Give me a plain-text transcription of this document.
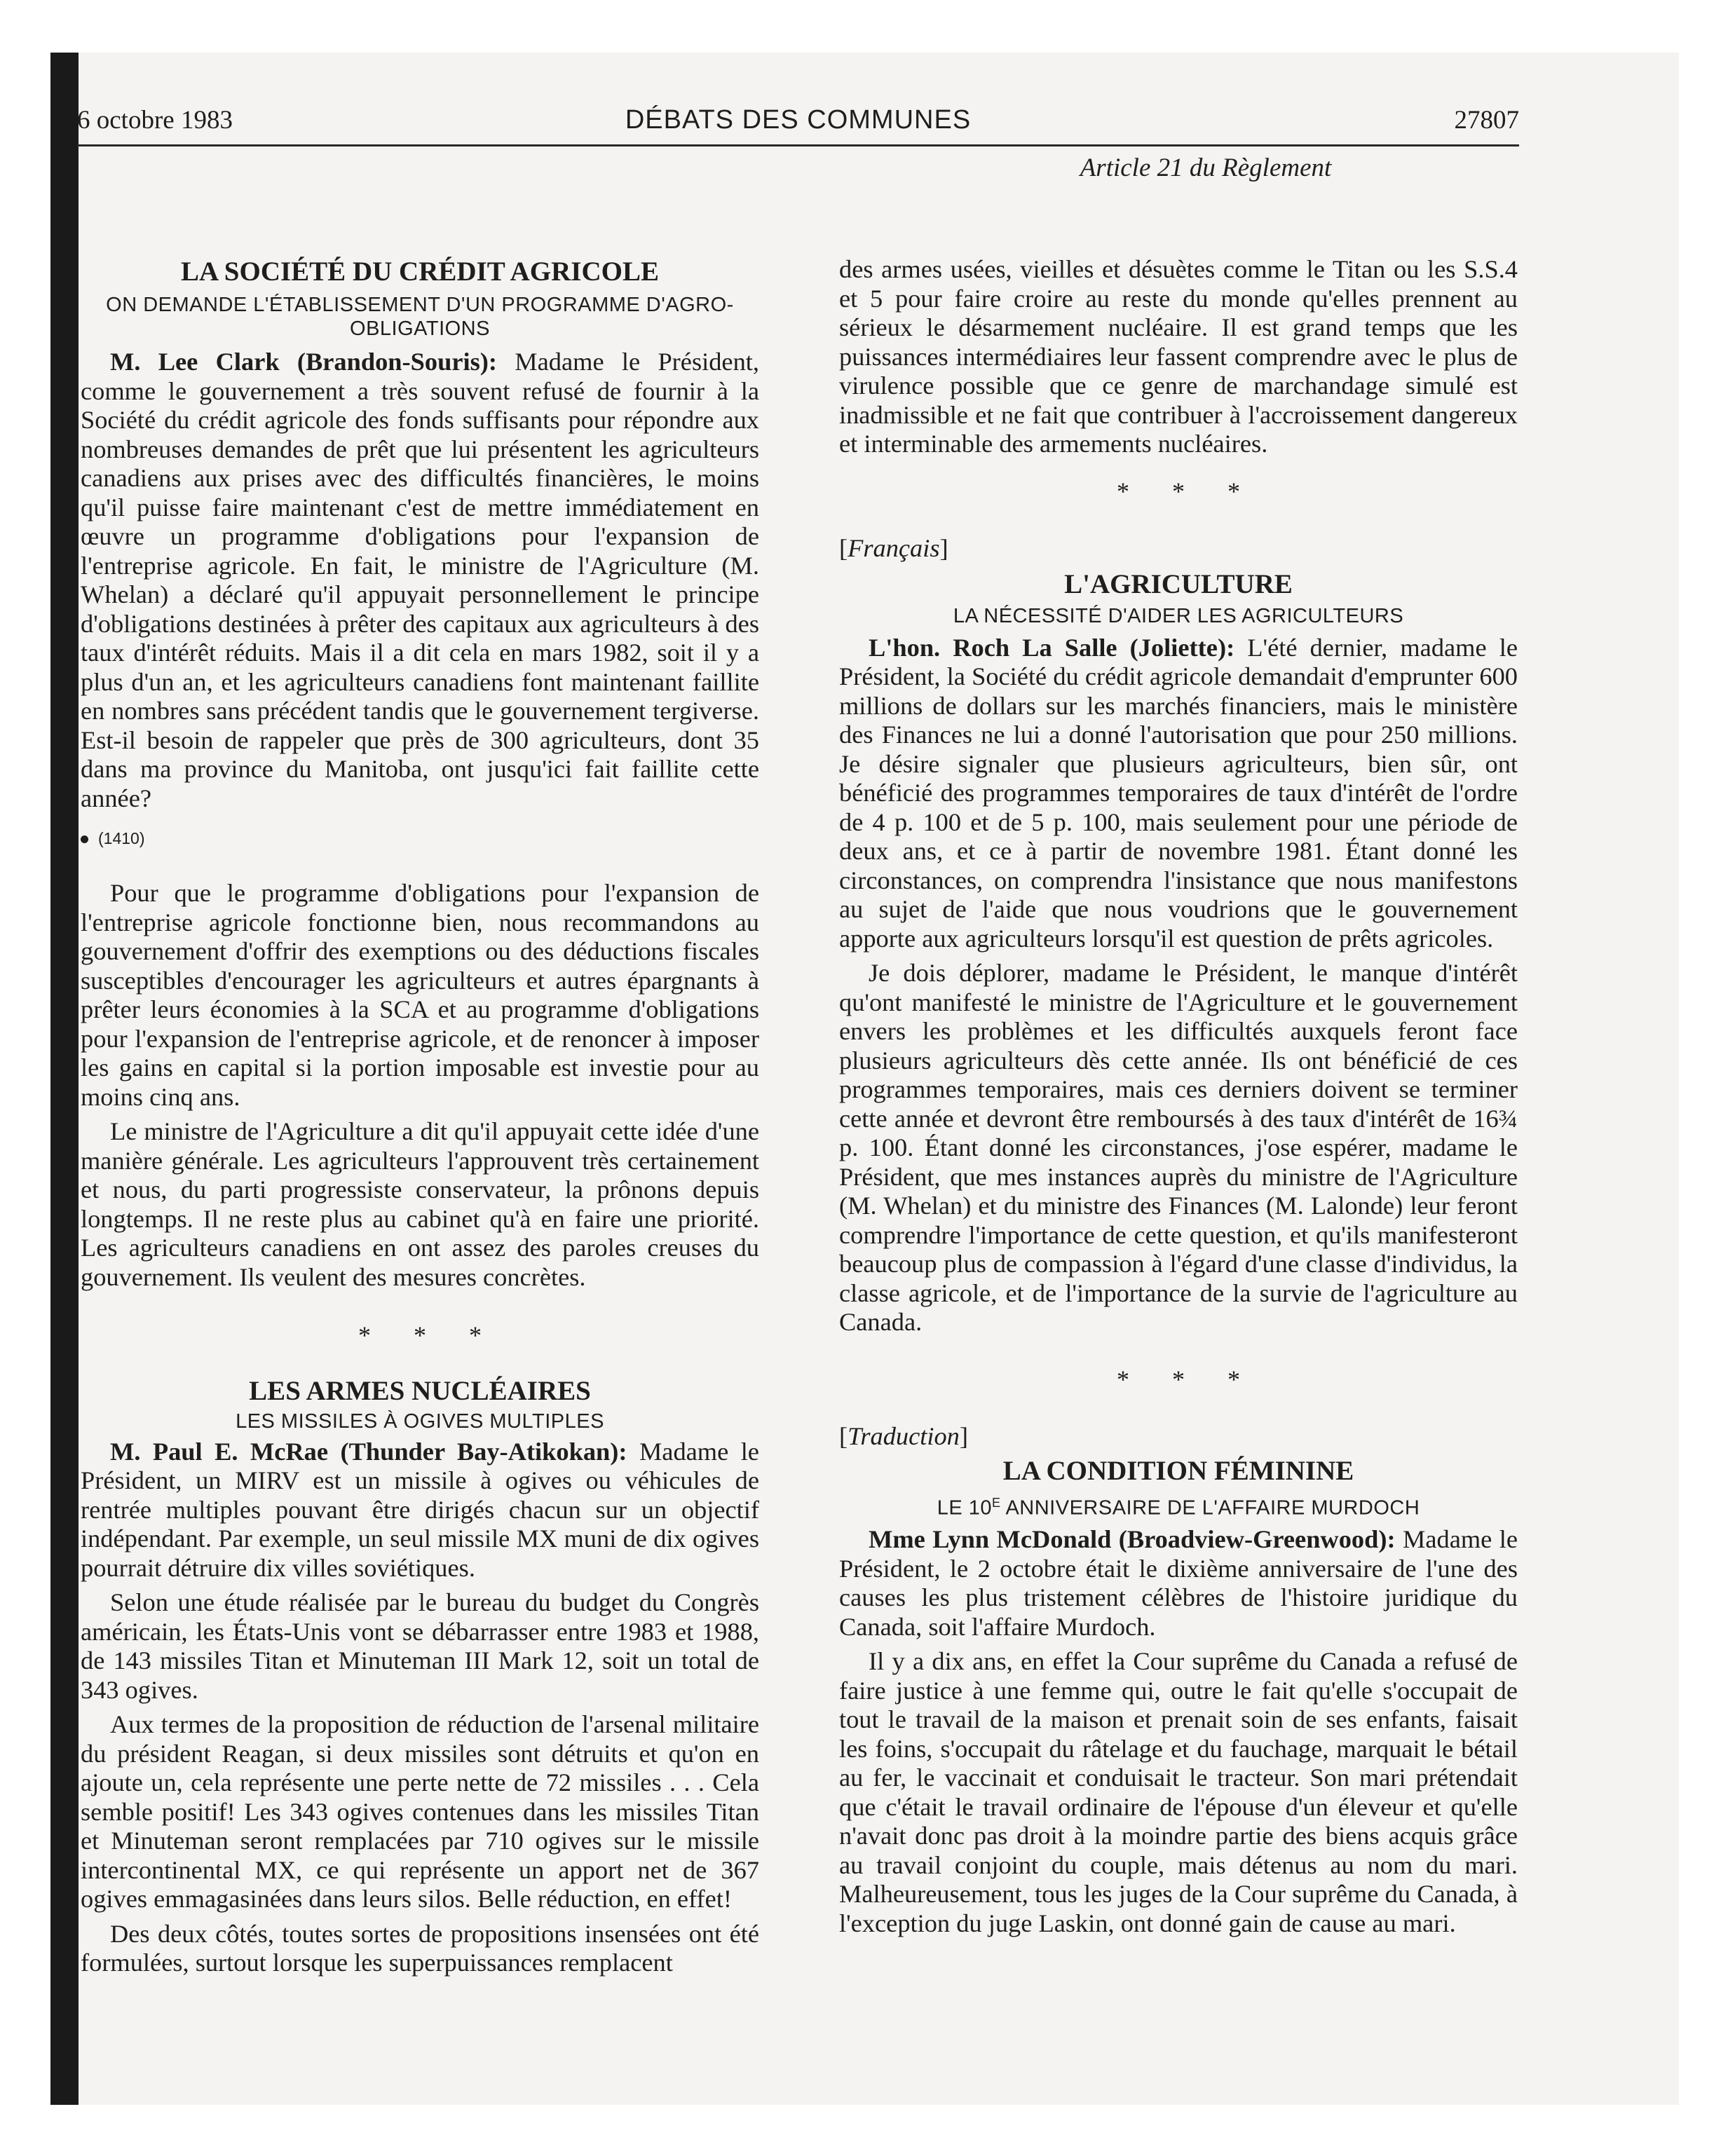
6 octobre 1983	DÉBATS DES COMMUNES	27807
Article 21 du Règlement
LA SOCIÉTÉ DU CRÉDIT AGRICOLE
ON DEMANDE L'ÉTABLISSEMENT D'UN PROGRAMME D'AGRO-OBLIGATIONS

M. Lee Clark (Brandon-Souris): Madame le Président, comme le gouvernement a très souvent refusé de fournir à la Société du crédit agricole des fonds suffisants pour répondre aux nombreuses demandes de prêt que lui présentent les agriculteurs canadiens aux prises avec des difficultés financières, le moins qu'il puisse faire maintenant c'est de mettre immédiatement en œuvre un programme d'obligations pour l'expansion de l'entreprise agricole. En fait, le ministre de l'Agriculture (M. Whelan) a déclaré qu'il appuyait personnellement le principe d'obligations destinées à prêter des capitaux aux agriculteurs à des taux d'intérêt réduits. Mais il a dit cela en mars 1982, soit il y a plus d'un an, et les agriculteurs canadiens font maintenant faillite en nombres sans précédent tandis que le gouvernement tergiverse. Est-il besoin de rappeler que près de 300 agriculteurs, dont 35 dans ma province du Manitoba, ont jusqu'ici fait faillite cette année?

(1410)

Pour que le programme d'obligations pour l'expansion de l'entreprise agricole fonctionne bien, nous recommandons au gouvernement d'offrir des exemptions ou des déductions fiscales susceptibles d'encourager les agriculteurs et autres épargnants à prêter leurs économies à la SCA et au programme d'obligations pour l'expansion de l'entreprise agricole, et de renoncer à imposer les gains en capital si la portion imposable est investie pour au moins cinq ans.

Le ministre de l'Agriculture a dit qu'il appuyait cette idée d'une manière générale. Les agriculteurs l'approuvent très certainement et nous, du parti progressiste conservateur, la prônons depuis longtemps. Il ne reste plus au cabinet qu'à en faire une priorité. Les agriculteurs canadiens en ont assez des paroles creuses du gouvernement. Ils veulent des mesures concrètes.

* * *
LES ARMES NUCLÉAIRES
LES MISSILES À OGIVES MULTIPLES

M. Paul E. McRae (Thunder Bay-Atikokan): Madame le Président, un MIRV est un missile à ogives ou véhicules de rentrée multiples pouvant être dirigés chacun sur un objectif indépendant. Par exemple, un seul missile MX muni de dix ogives pourrait détruire dix villes soviétiques.

Selon une étude réalisée par le bureau du budget du Congrès américain, les États-Unis vont se débarrasser entre 1983 et 1988, de 143 missiles Titan et Minuteman III Mark 12, soit un total de 343 ogives.

Aux termes de la proposition de réduction de l'arsenal militaire du président Reagan, si deux missiles sont détruits et qu'on en ajoute un, cela représente une perte nette de 72 missiles . . . Cela semble positif! Les 343 ogives contenues dans les missiles Titan et Minuteman seront remplacées par 710 ogives sur le missile intercontinental MX, ce qui représente un apport net de 367 ogives emmagasinées dans leurs silos. Belle réduction, en effet!

Des deux côtés, toutes sortes de propositions insensées ont été formulées, surtout lorsque les superpuissances remplacent

des armes usées, vieilles et désuètes comme le Titan ou les S.S.4 et 5 pour faire croire au reste du monde qu'elles prennent au sérieux le désarmement nucléaire. Il est grand temps que les puissances intermédiaires leur fassent comprendre avec le plus de virulence possible que ce genre de marchandage simulé est inadmissible et ne fait que contribuer à l'accroissement dangereux et interminable des armements nucléaires.

* * *
[Français]
L'AGRICULTURE
LA NÉCESSITÉ D'AIDER LES AGRICULTEURS

L'hon. Roch La Salle (Joliette): L'été dernier, madame le Président, la Société du crédit agricole demandait d'emprunter 600 millions de dollars sur les marchés financiers, mais le ministère des Finances ne lui a donné l'autorisation que pour 250 millions. Je désire signaler que plusieurs agriculteurs, bien sûr, ont bénéficié des programmes temporaires de taux d'intérêt de l'ordre de 4 p. 100 et de 5 p. 100, mais seulement pour une période de deux ans, et ce à partir de novembre 1981. Étant donné les circonstances, on comprendra l'insistance que nous manifestons au sujet de l'aide que nous voudrions que le gouvernement apporte aux agriculteurs lorsqu'il est question de prêts agricoles.

Je dois déplorer, madame le Président, le manque d'intérêt qu'ont manifesté le ministre de l'Agriculture et le gouvernement envers les problèmes et les difficultés auxquels feront face plusieurs agriculteurs dès cette année. Ils ont bénéficié de ces programmes temporaires, mais ces derniers doivent se terminer cette année et devront être remboursés à des taux d'intérêt de 16¾ p. 100. Étant donné les circonstances, j'ose espérer, madame le Président, que mes instances auprès du ministre de l'Agriculture (M. Whelan) et du ministre des Finances (M. Lalonde) leur feront comprendre l'importance de cette question, et qu'ils manifesteront beaucoup plus de compassion à l'égard d'une classe d'individus, la classe agricole, et de l'importance de la survie de l'agriculture au Canada.

* * *
[Traduction]
LA CONDITION FÉMININE
LE $10^E$ ANNIVERSAIRE DE L'AFFAIRE MURDOCH

Mme Lynn McDonald (Broadview-Greenwood): Madame le Président, le 2 octobre était le dixième anniversaire de l'une des causes les plus tristement célèbres de l'histoire juridique du Canada, soit l'affaire Murdoch.

Il y a dix ans, en effet la Cour suprême du Canada a refusé de faire justice à une femme qui, outre le fait qu'elle s'occupait de tout le travail de la maison et prenait soin de ses enfants, faisait les foins, s'occupait du râtelage et du fauchage, marquait le bétail au fer, le vaccinait et conduisait le tracteur. Son mari prétendait que c'était le travail ordinaire de l'épouse d'un éleveur et qu'elle n'avait donc pas droit à la moindre partie des biens acquis grâce au travail conjoint du couple, mais détenus au nom du mari. Malheureusement, tous les juges de la Cour suprême du Canada, à l'exception du juge Laskin, ont donné gain de cause au mari.
